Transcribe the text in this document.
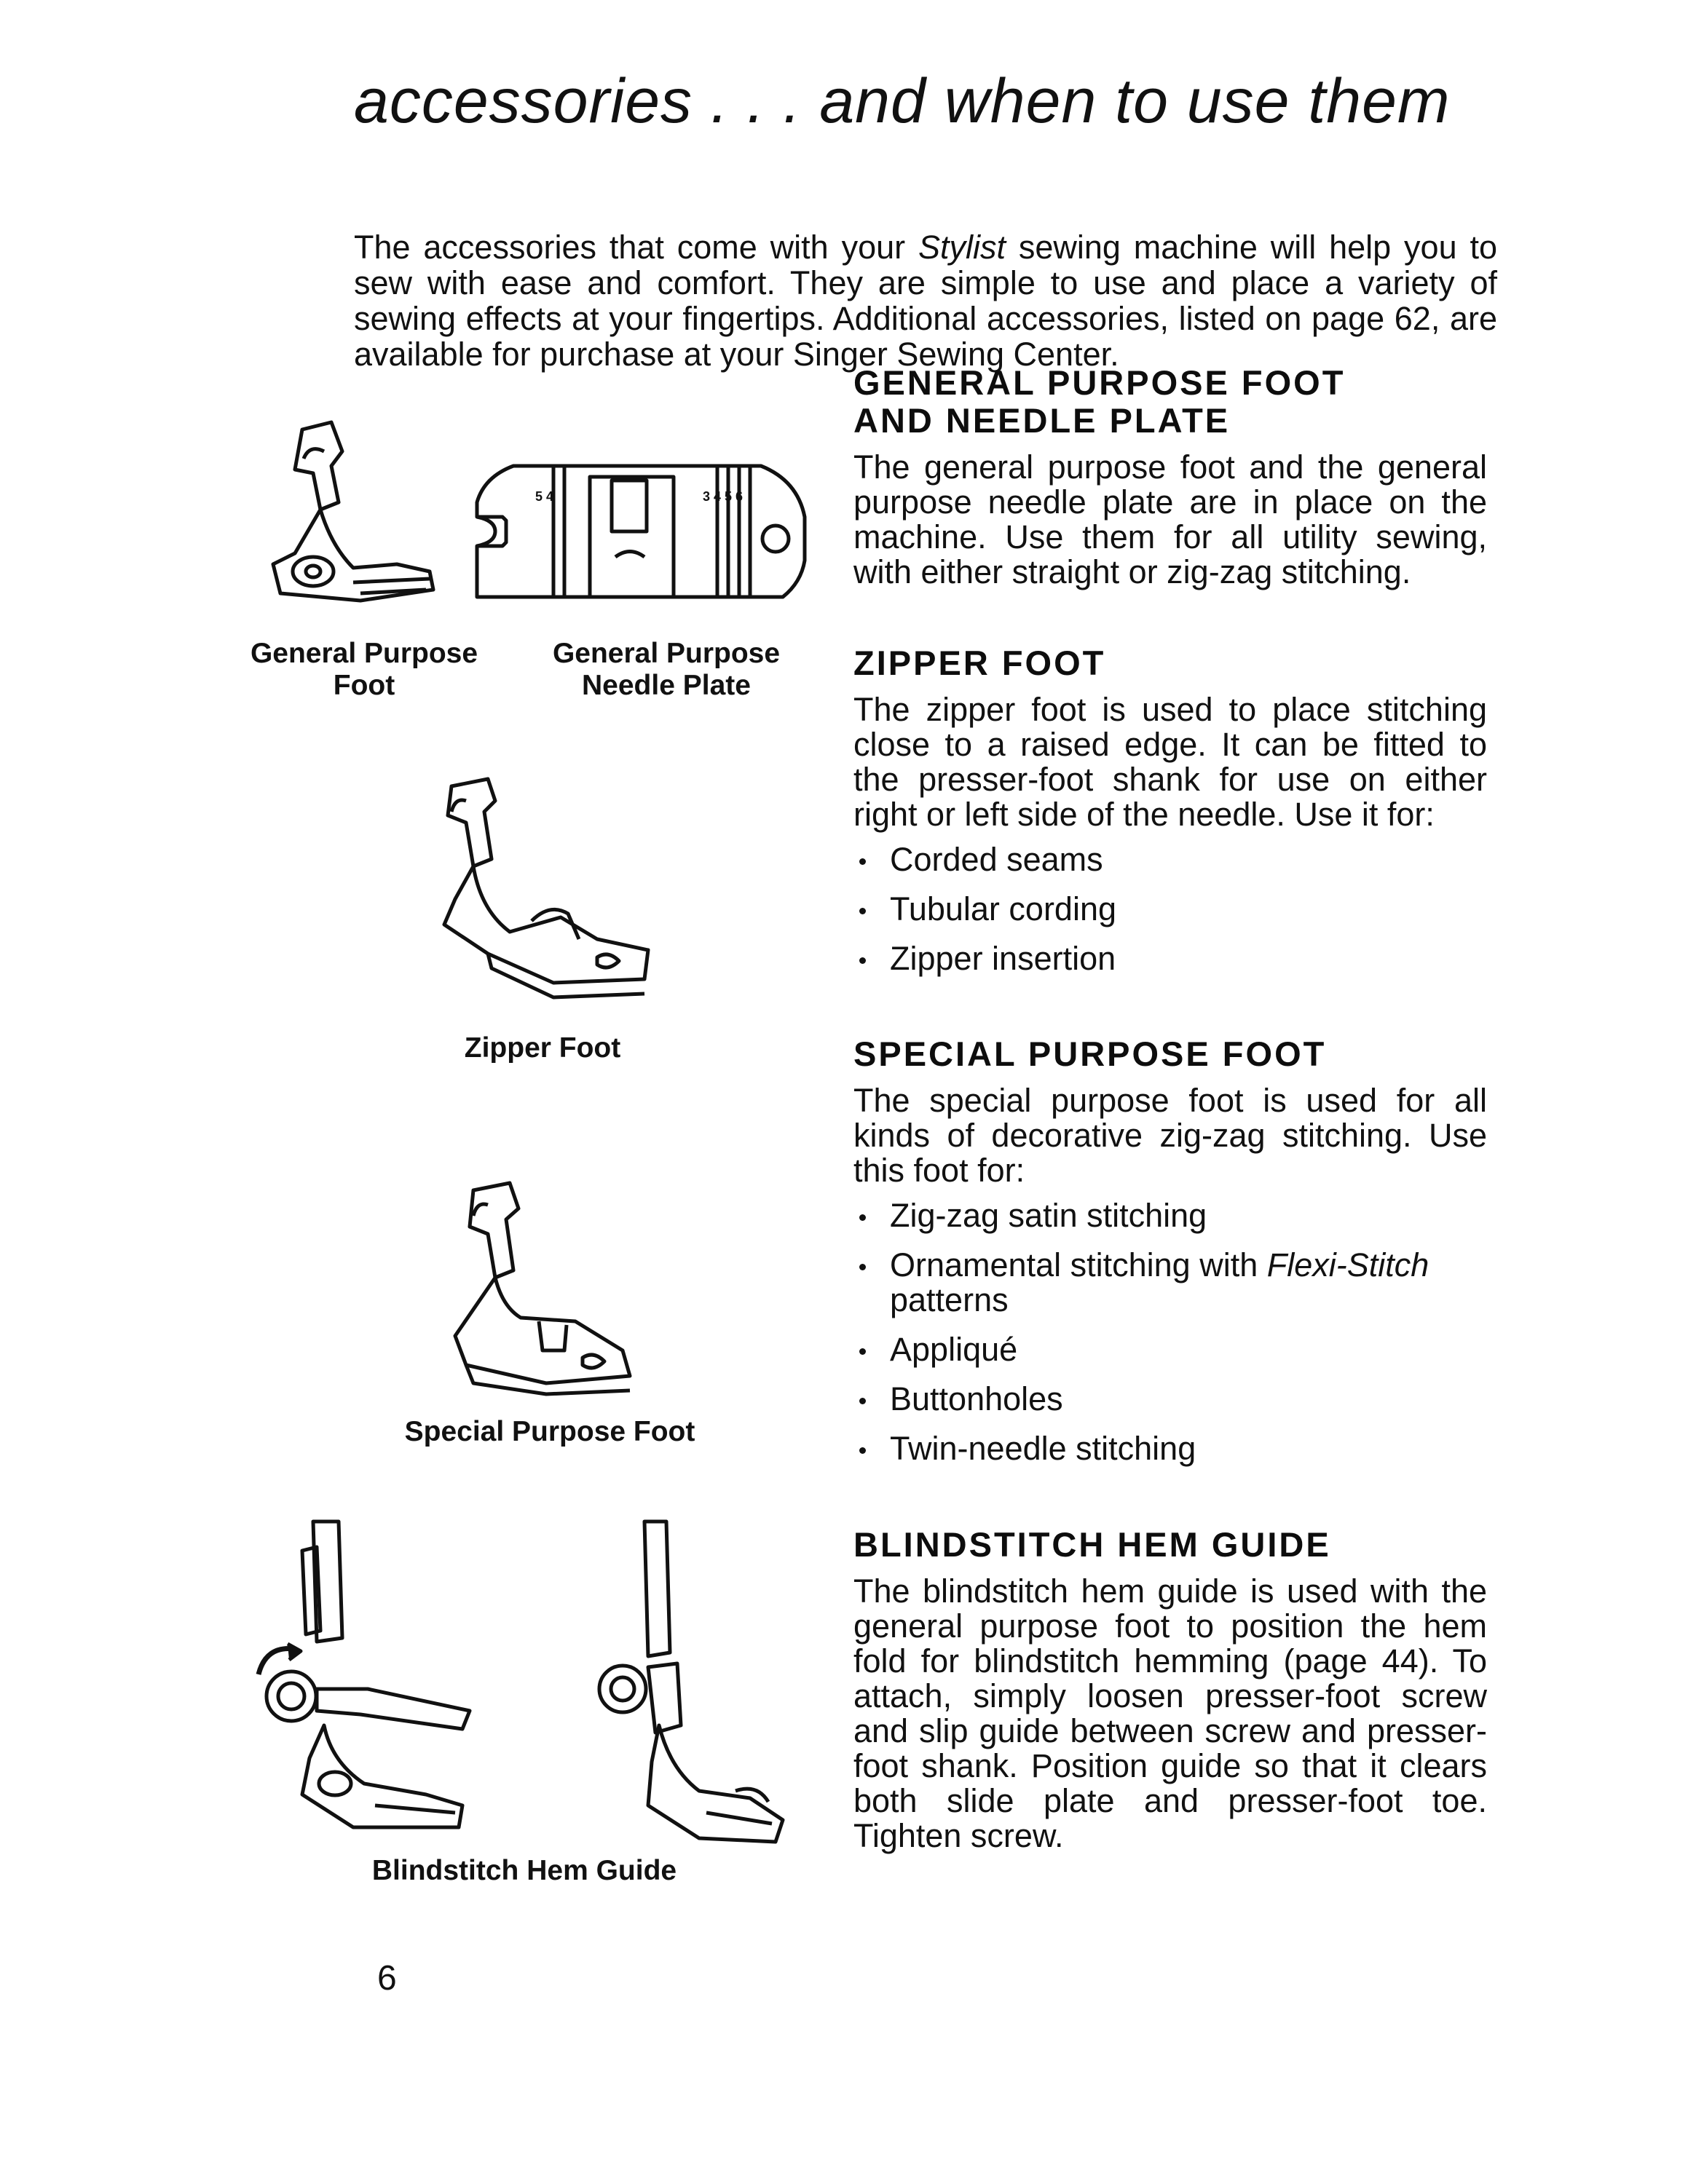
accessories . . . and when to use them

The accessories that come with your Stylist sewing machine will help you to sew with ease and comfort. They are simple to use and place a variety of sewing effects at your fingertips. Additional accessories, listed on page 62, are available for purchase at your Singer Sewing Center.

GENERAL PURPOSE FOOT
AND NEEDLE PLATE

The general purpose foot and the general purpose needle plate are in place on the machine. Use them for all utility sewing, with either straight or zig-zag stitching.

ZIPPER FOOT

The zipper foot is used to place stitching close to a raised edge. It can be fitted to the presser-foot shank for use on either right or left side of the needle. Use it for:

Corded seams
Tubular cording
Zipper insertion
SPECIAL PURPOSE FOOT

The special purpose foot is used for all kinds of decorative zig-zag stitching. Use this foot for:

Zig-zag satin stitching
Ornamental stitching with Flexi-Stitch patterns
Appliqué
Buttonholes
Twin-needle stitching
BLINDSTITCH HEM GUIDE

The blindstitch hem guide is used with the general purpose foot to position the hem fold for blindstitch hemming (page 44). To attach, simply loosen presser-foot screw and slip guide between screw and presser-foot shank. Position guide so that it clears both slide plate and presser-foot toe. Tighten screw.

5 4	3 4 5 6
General Purpose
Foot
General Purpose
Needle Plate
Zipper Foot
Special Purpose Foot
Blindstitch Hem Guide
6
